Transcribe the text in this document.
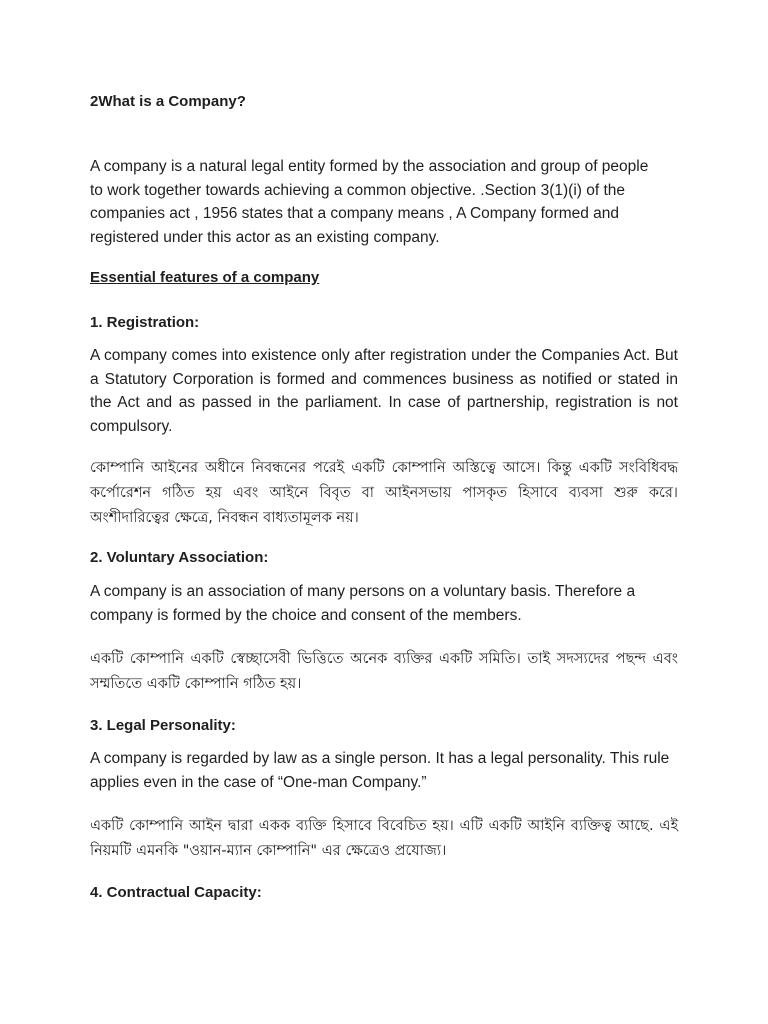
2What is a Company?

A company is a natural legal entity formed by the association and group of people to work together towards achieving a common objective. .Section 3(1)(i) of the companies act , 1956 states that a company means , A Company formed and registered under this actor as an existing company.

Essential features of a company
1. Registration:

A company comes into existence only after registration under the Companies Act. But a Statutory Corporation is formed and commences business as notified or stated in the Act and as passed in the parliament. In case of partnership, registration is not compulsory.

কোম্পানি আইনের অধীনে নিবন্ধনের পরেই একটি কোম্পানি অস্তিত্বে আসে। কিন্তু একটি সংবিধিবদ্ধ কর্পোরেশন গঠিত হয় এবং আইনে বিবৃত বা আইনসভায় পাসকৃত হিসাবে ব্যবসা শুরু করে। অংশীদারিত্বের ক্ষেত্রে, নিবন্ধন বাধ্যতামূলক নয়।

2. Voluntary Association:

A company is an association of many persons on a voluntary basis. Therefore a company is formed by the choice and consent of the members.

একটি কোম্পানি একটি স্বেচ্ছাসেবী ভিত্তিতে অনেক ব্যক্তির একটি সমিতি। তাই সদস্যদের পছন্দ এবং সম্মতিতে একটি কোম্পানি গঠিত হয়।

3. Legal Personality:

A company is regarded by law as a single person. It has a legal personality. This rule applies even in the case of “One-man Company.”

একটি কোম্পানি আইন দ্বারা একক ব্যক্তি হিসাবে বিবেচিত হয়। এটি একটি আইনি ব্যক্তিত্ব আছে. এই নিয়মটি এমনকি "ওয়ান-ম্যান কোম্পানি" এর ক্ষেত্রেও প্রযোজ্য।

4. Contractual Capacity:
